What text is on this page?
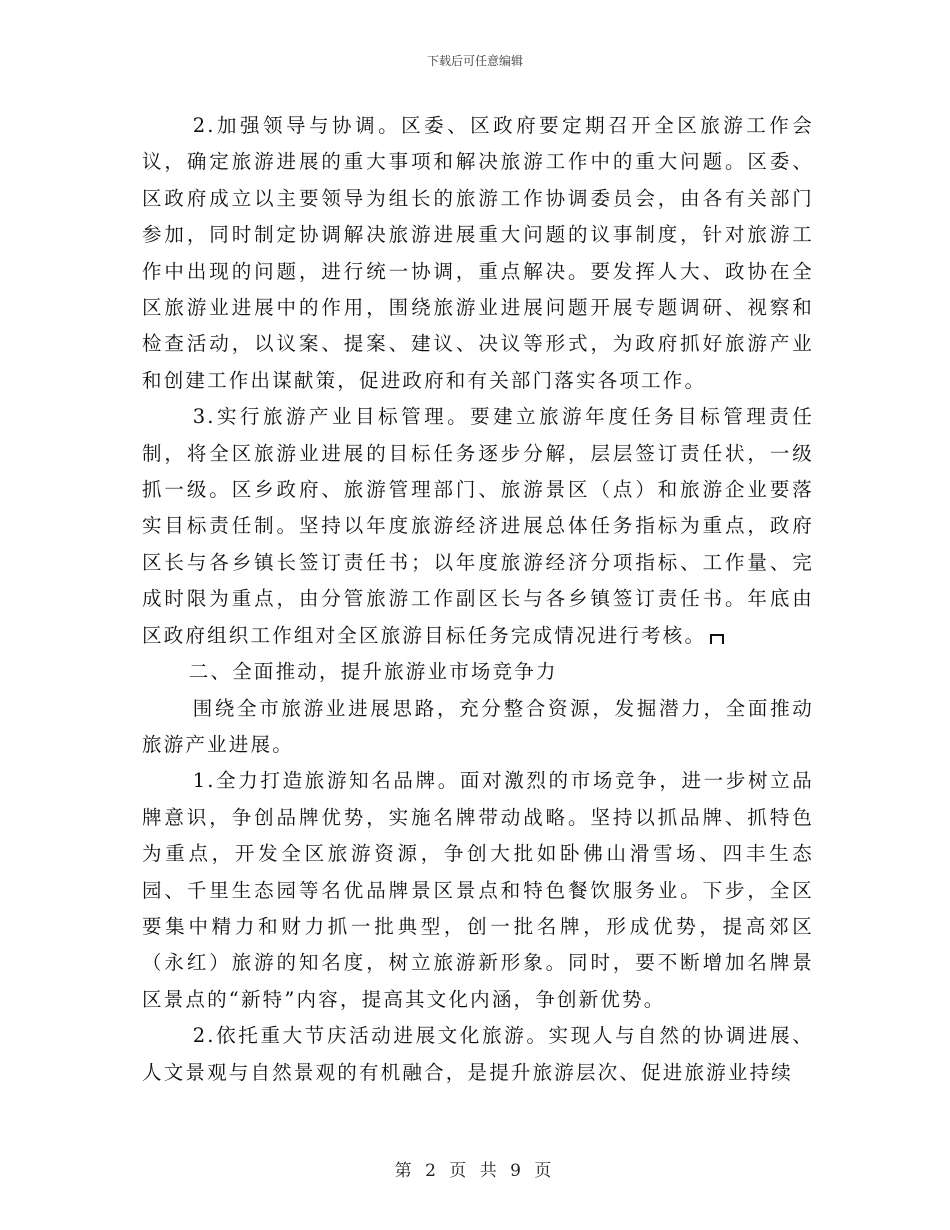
下载后可任意编辑

2.加强领导与协调。区委、区政府要定期召开全区旅游工作会议，确定旅游进展的重大事项和解决旅游工作中的重大问题。区委、区政府成立以主要领导为组长的旅游工作协调委员会，由各有关部门参加，同时制定协调解决旅游进展重大问题的议事制度，针对旅游工作中出现的问题，进行统一协调，重点解决。要发挥人大、政协在全区旅游业进展中的作用，围绕旅游业进展问题开展专题调研、视察和检查活动，以议案、提案、建议、决议等形式，为政府抓好旅游产业和创建工作出谋献策，促进政府和有关部门落实各项工作。

3.实行旅游产业目标管理。要建立旅游年度任务目标管理责任制，将全区旅游业进展的目标任务逐步分解，层层签订责任状，一级抓一级。区乡政府、旅游管理部门、旅游景区（点）和旅游企业要落实目标责任制。坚持以年度旅游经济进展总体任务指标为重点，政府区长与各乡镇长签订责任书；以年度旅游经济分项指标、工作量、完成时限为重点，由分管旅游工作副区长与各乡镇签订责任书。年底由区政府组织工作组对全区旅游目标任务完成情况进行考核。

二、全面推动，提升旅游业市场竞争力

围绕全市旅游业进展思路，充分整合资源，发掘潜力，全面推动旅游产业进展。

1.全力打造旅游知名品牌。面对激烈的市场竞争，进一步树立品牌意识，争创品牌优势，实施名牌带动战略。坚持以抓品牌、抓特色为重点，开发全区旅游资源，争创大批如卧佛山滑雪场、四丰生态园、千里生态园等名优品牌景区景点和特色餐饮服务业。下步，全区要集中精力和财力抓一批典型，创一批名牌，形成优势，提高郊区（永红）旅游的知名度，树立旅游新形象。同时，要不断增加名牌景区景点的“新特”内容，提高其文化内涵，争创新优势。

2.依托重大节庆活动进展文化旅游。实现人与自然的协调进展、人文景观与自然景观的有机融合，是提升旅游层次、促进旅游业持续

第 2 页 共 9 页
